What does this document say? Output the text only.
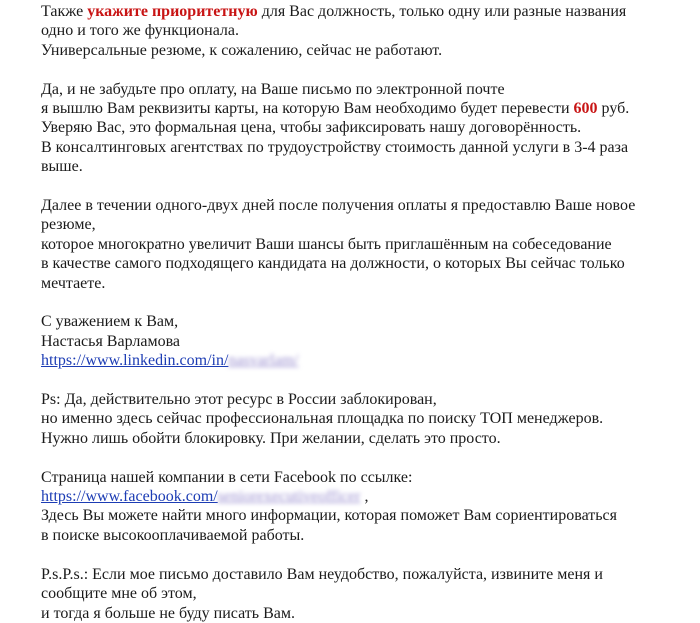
Также укажите приоритетную для Вас должность, только одну или разные названия
одно и того же функционала.
Универсальные резюме, к сожалению, сейчас не работают.
Да, и не забудьте про оплату, на Ваше письмо по электронной почте
я вышлю Вам реквизиты карты, на которую Вам необходимо будет перевести 600 руб.
Уверяю Вас, это формальная цена, чтобы зафиксировать нашу договорённость.
В консалтинговых агентствах по трудоустройству стоимость данной услуги в 3-4 раза
выше.
Далее в течении одного-двух дней после получения оплаты я предоставлю Ваше новое
резюме,
которое многократно увеличит Ваши шансы быть приглашённым на собеседование
в качестве самого подходящего кандидата на должности, о которых Вы сейчас только
мечтаете.
С уважением к Вам,
Настасья Варламова
https://www.linkedin.com/in/nasvarlam/
Ps: Да, действительно этот ресурс в России заблокирован,
но именно здесь сейчас профессиональная площадка по поиску ТОП менеджеров.
Нужно лишь обойти блокировку. При желании, сделать это просто.
Страница нашей компании в сети Facebook по ссылке:
https://www.facebook.com/seniorexecutiveofficer ,
Здесь Вы можете найти много информации, которая поможет Вам сориентироваться
в поиске высокооплачиваемой работы.
P.s.P.s.: Если мое письмо доставило Вам неудобство, пожалуйста, извините меня и
сообщите мне об этом,
и тогда я больше не буду писать Вам.
